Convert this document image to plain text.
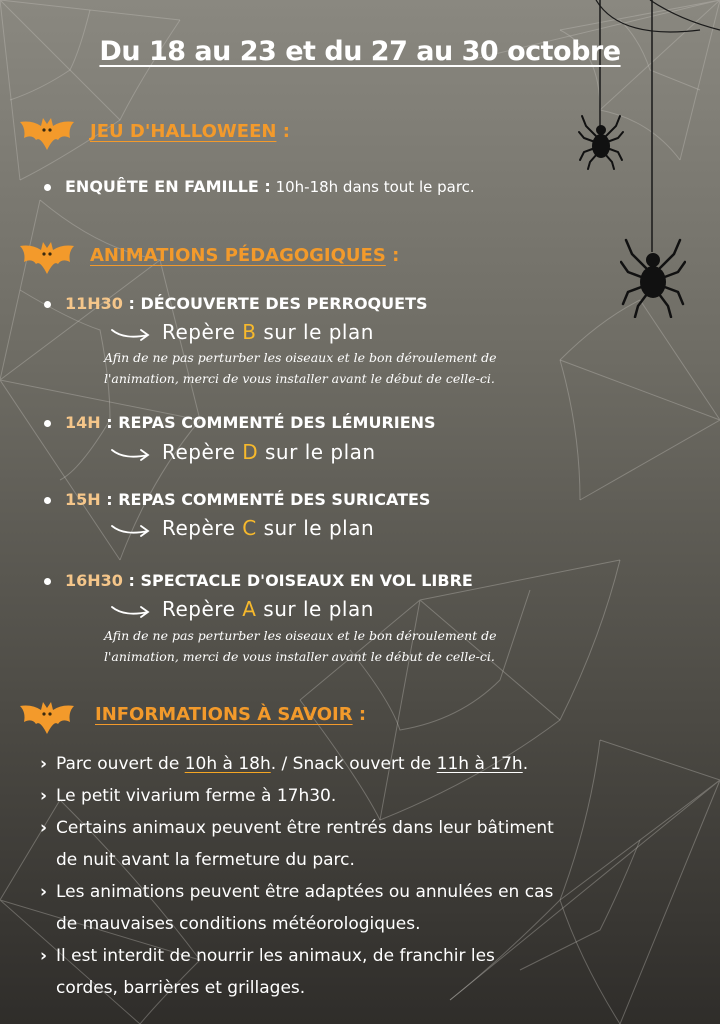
Du 18 au 23 et du 27 au 30 octobre
JEU D'HALLOWEEN :
ENQUÊTE EN FAMILLE : 10h-18h dans tout le parc.
ANIMATIONS PÉDAGOGIQUES :
11H30 : DÉCOUVERTE DES PERROQUETS
Repère B sur le plan
Afin de ne pas perturber les oiseaux et le bon déroulement de
l'animation, merci de vous installer avant le début de celle-ci.
14H : REPAS COMMENTÉ DES LÉMURIENS
Repère D sur le plan
15H : REPAS COMMENTÉ DES SURICATES
Repère C sur le plan
16H30 : SPECTACLE D'OISEAUX EN VOL LIBRE
Repère A sur le plan
Afin de ne pas perturber les oiseaux et le bon déroulement de
l'animation, merci de vous installer avant le début de celle-ci.
INFORMATIONS À SAVOIR :
› Parc ouvert de 10h à 18h. / Snack ouvert de 11h à 17h.
› Le petit vivarium ferme à 17h30.
› Certains animaux peuvent être rentrés dans leur bâtiment
de nuit avant la fermeture du parc.
› Les animations peuvent être adaptées ou annulées en cas
de mauvaises conditions météorologiques.
› Il est interdit de nourrir les animaux, de franchir les
cordes, barrières et grillages.
